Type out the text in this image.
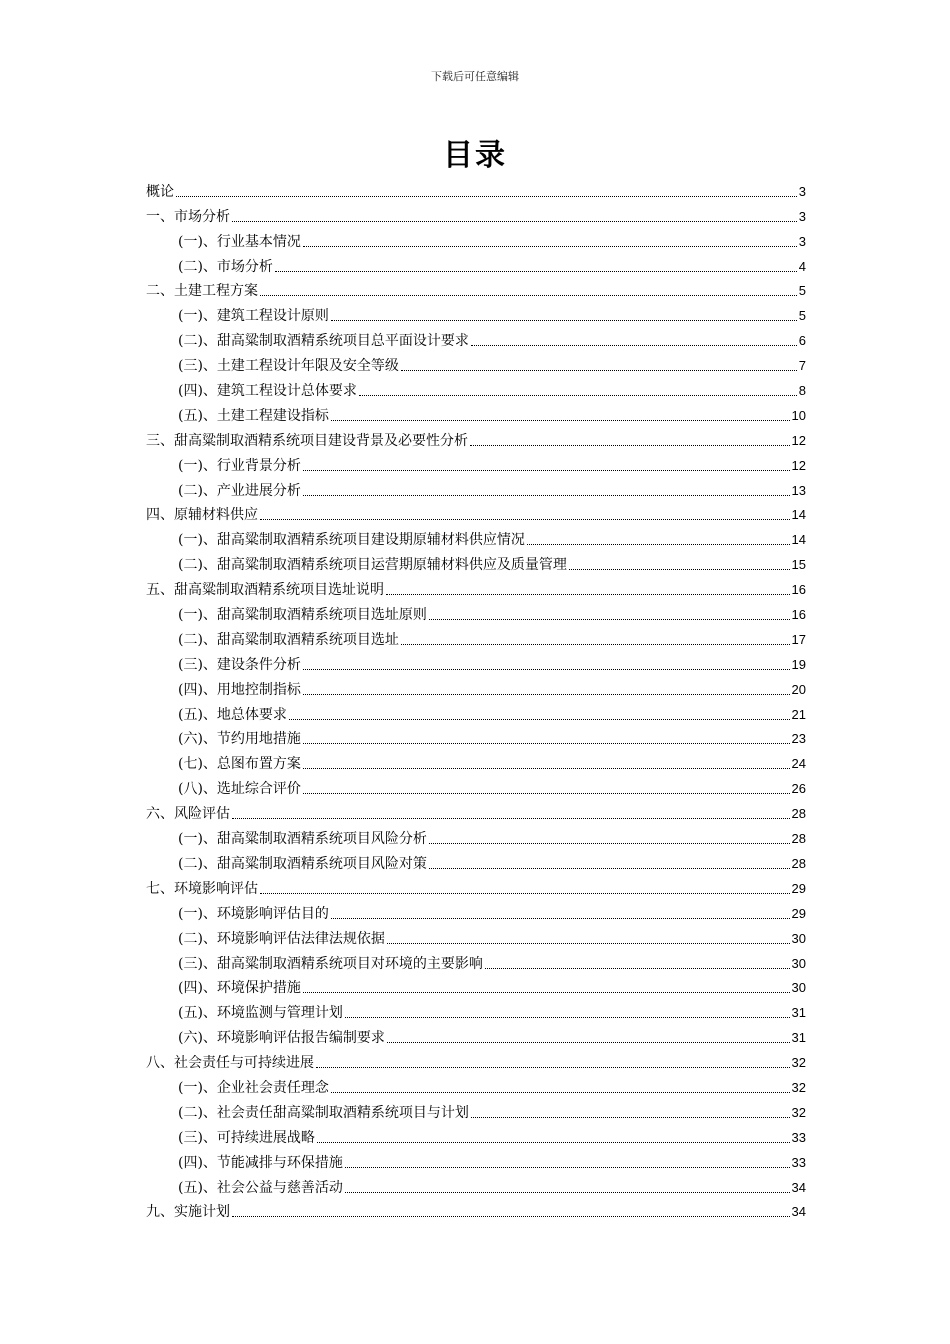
下载后可任意编辑
目录
概论	3
一、市场分析	3
(一)、行业基本情况	3
(二)、市场分析	4
二、土建工程方案	5
(一)、建筑工程设计原则	5
(二)、甜高粱制取酒精系统项目总平面设计要求	6
(三)、土建工程设计年限及安全等级	7
(四)、建筑工程设计总体要求	8
(五)、土建工程建设指标	10
三、甜高粱制取酒精系统项目建设背景及必要性分析	12
(一)、行业背景分析	12
(二)、产业进展分析	13
四、原辅材料供应	14
(一)、甜高粱制取酒精系统项目建设期原辅材料供应情况	14
(二)、甜高粱制取酒精系统项目运营期原辅材料供应及质量管理	15
五、甜高粱制取酒精系统项目选址说明	16
(一)、甜高粱制取酒精系统项目选址原则	16
(二)、甜高粱制取酒精系统项目选址	17
(三)、建设条件分析	19
(四)、用地控制指标	20
(五)、地总体要求	21
(六)、节约用地措施	23
(七)、总图布置方案	24
(八)、选址综合评价	26
六、风险评估	28
(一)、甜高粱制取酒精系统项目风险分析	28
(二)、甜高粱制取酒精系统项目风险对策	28
七、环境影响评估	29
(一)、环境影响评估目的	29
(二)、环境影响评估法律法规依据	30
(三)、甜高粱制取酒精系统项目对环境的主要影响	30
(四)、环境保护措施	30
(五)、环境监测与管理计划	31
(六)、环境影响评估报告编制要求	31
八、社会责任与可持续进展	32
(一)、企业社会责任理念	32
(二)、社会责任甜高粱制取酒精系统项目与计划	32
(三)、可持续进展战略	33
(四)、节能减排与环保措施	33
(五)、社会公益与慈善活动	34
九、实施计划	34
